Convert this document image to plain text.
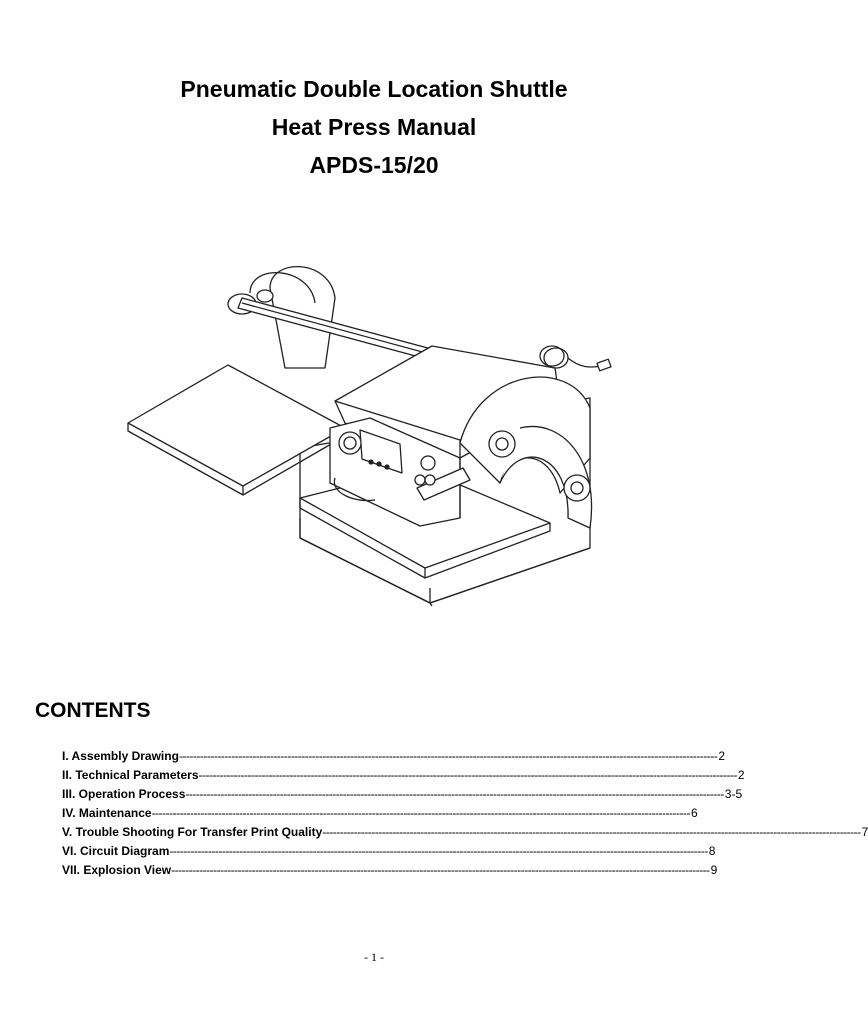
Pneumatic Double Location Shuttle
Heat Press Manual
APDS-15/20
CONTENTS
I. Assembly Drawing ---------------------------------------------------------------------------------------------------------------------------------------------------------- 2
II. Technical Parameters ---------------------------------------------------------------------------------------------------------------------------------------------------------- 2
III. Operation Process ---------------------------------------------------------------------------------------------------------------------------------------------------------- 3-5
IV. Maintenance ---------------------------------------------------------------------------------------------------------------------------------------------------------- 6
V. Trouble Shooting For Transfer Print Quality ---------------------------------------------------------------------------------------------------------------------------------------------------------- 7
VI. Circuit Diagram ---------------------------------------------------------------------------------------------------------------------------------------------------------- 8
VII. Explosion View ---------------------------------------------------------------------------------------------------------------------------------------------------------- 9
- 1 -
